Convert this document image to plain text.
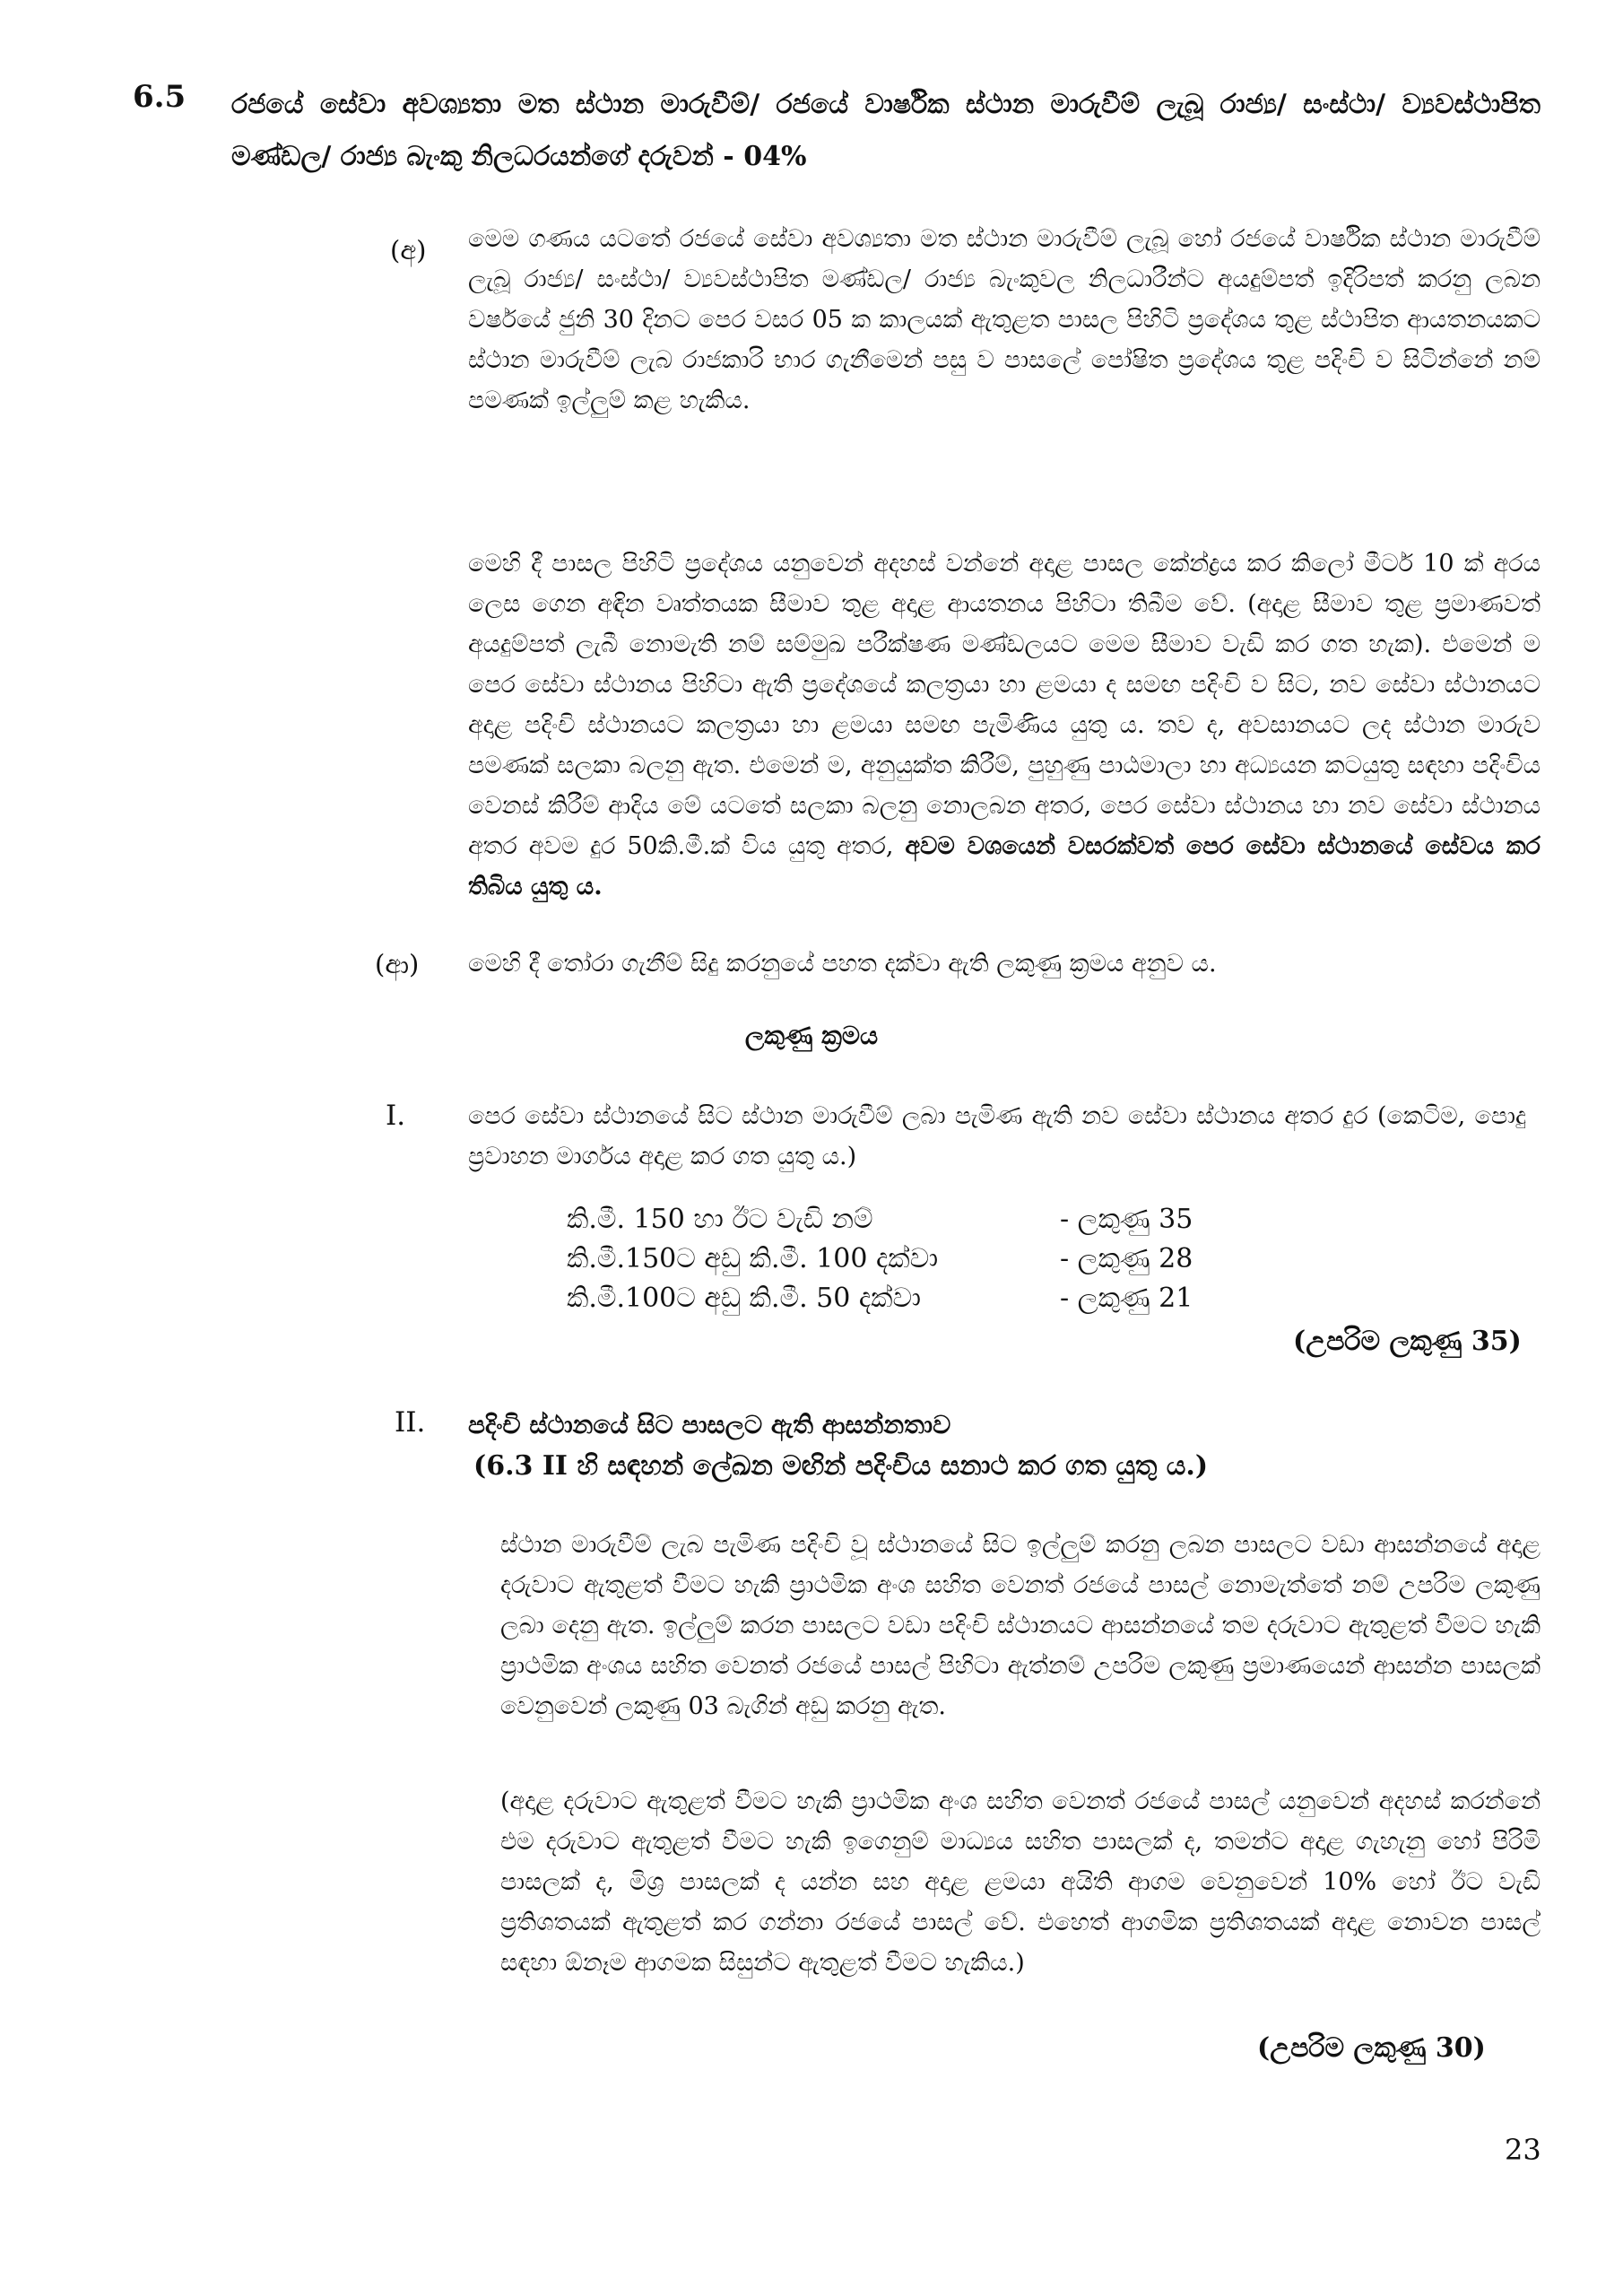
6.5 රජයේ සේවා අවශ්‍යතා මත ස්ථාන මාරුවීම්/ රජයේ වාර්ෂික ස්ථාන මාරුවීම් ලැබූ රාජ්‍ය/ සංස්ථා/ ව්‍යවස්ථාපිත මණ්ඩල/ රාජ්‍ය බැංකු නිලධරයන්ගේ දරුවන් - 04%
(අ) මෙම ගණය යටතේ රජයේ සේවා අවශ්‍යතා මත ස්ථාන මාරුවීම් ලැබූ හෝ රජයේ වාර්ෂික ස්ථාන මාරුවීම් ලැබූ රාජ්‍ය/ සංස්ථා/ ව්‍යවස්ථාපිත මණ්ඩල/ රාජ්‍ය බැංකුවල නිලධාරීන්ට අයදුම්පත් ඉදිරිපත් කරනු ලබන වර්ෂයේ ජුනි 30 දිනට පෙර වසර 05 ක කාලයක් ඇතුළත පාසල පිහිටි ප්‍රදේශය තුළ ස්ථාපිත ආයතනයකට ස්ථාන මාරුවීම් ලැබ රාජකාරි භාර ගැනීමෙන් පසු ව පාසලේ පෝෂිත ප්‍රදේශය තුළ පදිංචි ව සිටින්නේ නම් පමණක් ඉල්ලුම් කළ හැකිය.
මෙහි දී පාසල පිහිටි ප්‍රදේශය යනුවෙන් අදහස් වන්නේ අදාළ පාසල කේන්ද්‍රය කර කිලෝ මීටර් 10 ක් අරය ලෙස ගෙන අඳින වෘත්තයක සීමාව තුළ අදාළ ආයතනය පිහිටා තිබීම වේ. (අදාළ සීමාව තුළ ප්‍රමාණවත් අයදුම්පත් ලැබී නොමැති නම් සම්මුඛ පරීක්ෂණ මණ්ඩලයට මෙම සීමාව වැඩි කර ගත හැක). එමෙන් ම පෙර සේවා ස්ථානය පිහිටා ඇති ප්‍රදේශයේ කලත්‍රයා හා ළමයා ද සමඟ පදිංචි ව සිට, නව සේවා ස්ථානයට අදාළ පදිංචි ස්ථානයට කලත්‍රයා හා ළමයා සමඟ පැමිණිය යුතු ය. තව ද, අවසානයට ලද ස්ථාන මාරුව පමණක් සලකා බලනු ඇත. එමෙන් ම, අනුයුක්ත කිරීම්, පුහුණු පාඨමාලා හා අධ්‍යයන කටයුතු සඳහා පදිංචිය වෙනස් කිරීම් ආදිය මේ යටතේ සලකා බලනු නොලබන අතර, පෙර සේවා ස්ථානය හා නව සේවා ස්ථානය අතර අවම දුර 50කි.මී.ක් විය යුතු අතර, අවම වශයෙන් වසරක්වත් පෙර සේවා ස්ථානයේ සේවය කර තිබිය යුතු ය.
(ආ) මෙහි දී තෝරා ගැනීම් සිදු කරනුයේ පහත දක්වා ඇති ලකුණු ක්‍රමය අනුව ය.
ලකුණු ක්‍රමය
I.	පෙර සේවා ස්ථානයේ සිට ස්ථාන මාරුවීම් ලබා පැමිණ ඇති නව සේවා ස්ථානය අතර දුර (කෙටිම, පොදු ප්‍රවාහන මාර්ගය අදාළ කර ගත යුතු ය.)
කි.මී. 150 හා ඊට වැඩි නම්	- ලකුණු 35
කි.මී.150ට අඩු කි.මී. 100 දක්වා	- ලකුණු 28
කි.මී.100ට අඩු කි.මී. 50 දක්වා	- ලකුණු 21
(උපරිම ලකුණු 35)
II. පදිංචි ස්ථානයේ සිට පාසලට ඇති ආසන්නතාව
(6.3 II හි සඳහන් ලේඛන මඟින් පදිංචිය සනාථ කර ගත යුතු ය.)
ස්ථාන මාරුවීම් ලැබ පැමිණ පදිංචි වූ ස්ථානයේ සිට ඉල්ලුම් කරනු ලබන පාසලට වඩා ආසන්නයේ අදාළ දරුවාට ඇතුළත් වීමට හැකි ප්‍රාථමික අංශ සහිත වෙනත් රජයේ පාසල් නොමැත්තේ නම් උපරිම ලකුණු ලබා දෙනු ඇත. ඉල්ලුම් කරන පාසලට වඩා පදිංචි ස්ථානයට ආසන්නයේ තම දරුවාට ඇතුළත් වීමට හැකි ප්‍රාථමික අංශය සහිත වෙනත් රජයේ පාසල් පිහිටා ඇත්නම් උපරිම ලකුණු ප්‍රමාණයෙන් ආසන්න පාසලක් වෙනුවෙන් ලකුණු 03 බැගින් අඩු කරනු ඇත.
(අදාළ දරුවාට ඇතුළත් වීමට හැකි ප්‍රාථමික අංශ සහිත වෙනත් රජයේ පාසල් යනුවෙන් අදහස් කරන්නේ එම දරුවාට ඇතුළත් වීමට හැකි ඉගෙනුම් මාධ්‍යය සහිත පාසලක් ද, තමන්ට අදාළ ගැහැනු හෝ පිරිමි පාසලක් ද, මිශ්‍ර පාසලක් ද යන්න සහ අදාළ ළමයා අයිති ආගම වෙනුවෙන් 10% හෝ ඊට වැඩි ප්‍රතිශතයක් ඇතුළත් කර ගන්නා රජයේ පාසල් වේ. එහෙත් ආගමික ප්‍රතිශතයක් අදාළ නොවන පාසල් සඳහා ඕනෑම ආගමක සිසුන්ට ඇතුළත් වීමට හැකිය.)
(උපරිම ලකුණු 30)
23
